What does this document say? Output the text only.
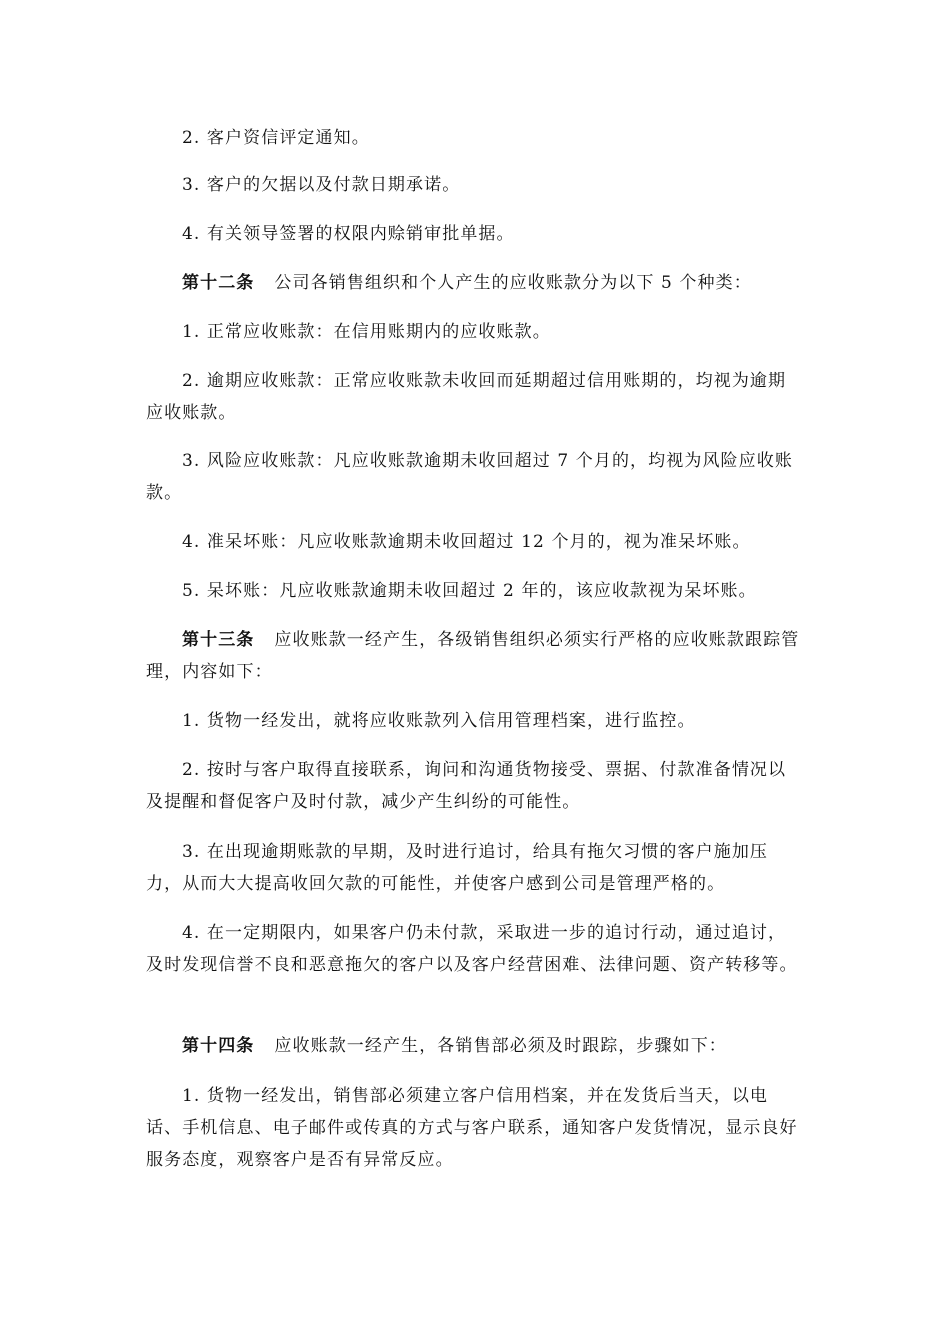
2. 客户资信评定通知。

3. 客户的欠据以及付款日期承诺。

4. 有关领导签署的权限内赊销审批单据。

第十二条 公司各销售组织和个人产生的应收账款分为以下 5 个种类：

1. 正常应收账款：在信用账期内的应收账款。

2. 逾期应收账款：正常应收账款未收回而延期超过信用账期的，均视为逾期应收账款。

3. 风险应收账款：凡应收账款逾期未收回超过 7 个月的，均视为风险应收账款。

4. 准呆坏账：凡应收账款逾期未收回超过 12 个月的，视为准呆坏账。

5. 呆坏账：凡应收账款逾期未收回超过 2 年的，该应收款视为呆坏账。

第十三条 应收账款一经产生，各级销售组织必须实行严格的应收账款跟踪管理，内容如下：

1. 货物一经发出，就将应收账款列入信用管理档案，进行监控。

2. 按时与客户取得直接联系，询问和沟通货物接受、票据、付款准备情况以及提醒和督促客户及时付款，减少产生纠纷的可能性。

3. 在出现逾期账款的早期，及时进行追讨，给具有拖欠习惯的客户施加压力，从而大大提高收回欠款的可能性，并使客户感到公司是管理严格的。

4. 在一定期限内，如果客户仍未付款，采取进一步的追讨行动，通过追讨，及时发现信誉不良和恶意拖欠的客户以及客户经营困难、法律问题、资产转移等。

第十四条 应收账款一经产生，各销售部必须及时跟踪，步骤如下：

1. 货物一经发出，销售部必须建立客户信用档案，并在发货后当天，以电话、手机信息、电子邮件或传真的方式与客户联系，通知客户发货情况，显示良好服务态度，观察客户是否有异常反应。
